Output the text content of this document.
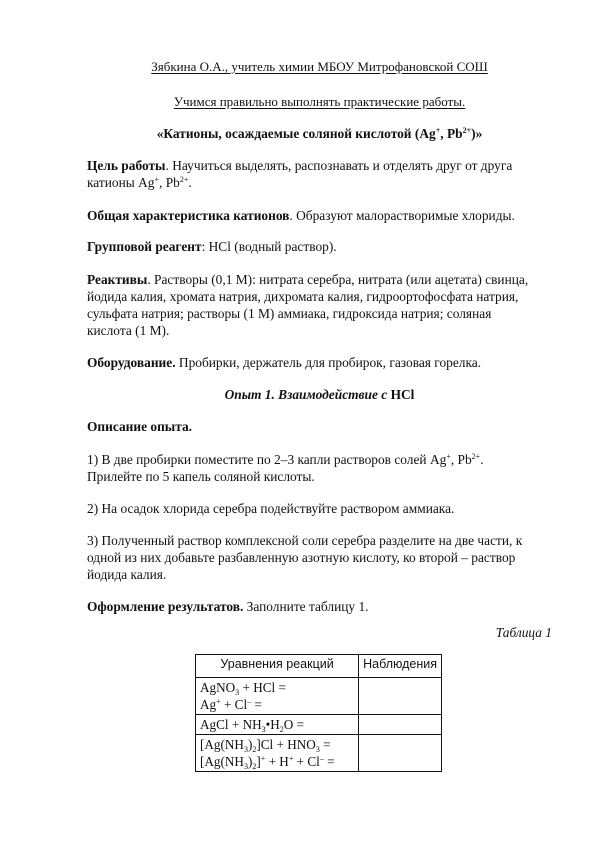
Зябкина О.А., учитель химии МБОУ Митрофановской СОШ
Учимся правильно выполнять практические работы.
«Катионы, осаждаемые соляной кислотой (Ag+, $Pb^{2+}$)»
Цель работы. Научиться выделять, распознавать и отделять друг от друга
катионы Ag+, $Pb^{2+}$.
Общая характеристика катионов. Образуют малорастворимые хлориды.
Групповой реагент: HCl (водный раствор).
Реактивы. Растворы (0,1 М): нитрата серебра, нитрата (или ацетата) свинца,
йодида калия, хромата натрия, дихромата калия, гидроортофосфата натрия,
сульфата натрия; растворы (1 М) аммиака, гидроксида натрия; соляная
кислота (1 М).
Оборудование. Пробирки, держатель для пробирок, газовая горелка.
Опыт 1. Взаимодействие с HCl
Описание опыта.
1) В две пробирки поместите по 2–3 капли растворов солей Ag+, $Pb^{2+}$.
Прилейте по 5 капель соляной кислоты.
2) На осадок хлорида серебра подействуйте раствором аммиака.
3) Полученный раствор комплексной соли серебра разделите на две части, к
одной из них добавьте разбавленную азотную кислоту, ко второй – раствор
йодида калия.
Оформление результатов. Заполните таблицу 1.
Таблица 1
Уравнения реакций	Наблюдения

AgNO$_3$ + HCl =
Ag+ + Cl– =	

AgCl + $NH_3•H_2O$ =	

$[Ag(NH_3)_2]Cl + HNO_3$ =
$[Ag(NH_3)_2]^+ + H^+ + Cl^-$ =	
